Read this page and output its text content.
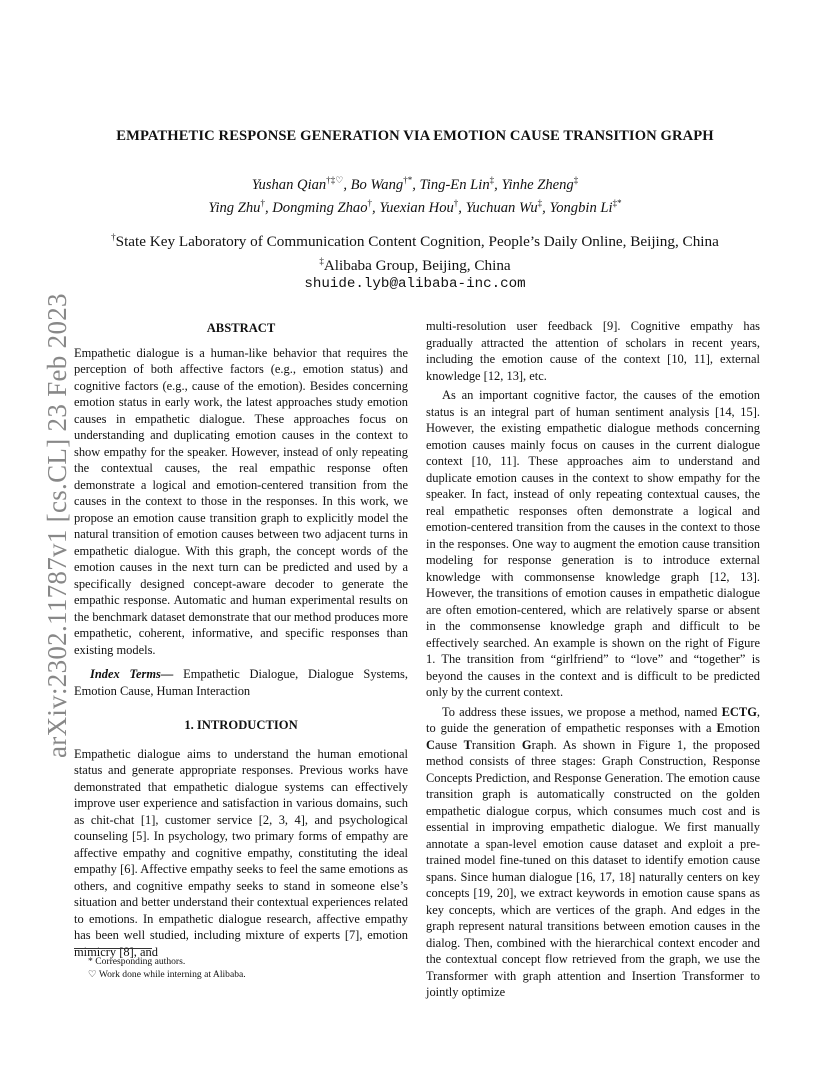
arXiv:2302.11787v1 [cs.CL] 23 Feb 2023
EMPATHETIC RESPONSE GENERATION VIA EMOTION CAUSE TRANSITION GRAPH
Yushan Qian†‡♡, Bo Wang†*, Ting-En Lin‡, Yinhe Zheng‡
Ying Zhu†, Dongming Zhao†, Yuexian Hou†, Yuchuan Wu‡, Yongbin Li‡*
†State Key Laboratory of Communication Content Cognition, People’s Daily Online, Beijing, China
‡Alibaba Group, Beijing, China
shuide.lyb@alibaba-inc.com
ABSTRACT

Empathetic dialogue is a human-like behavior that requires the perception of both affective factors (e.g., emotion status) and cognitive factors (e.g., cause of the emotion). Besides concerning emotion status in early work, the latest approaches study emotion causes in empathetic dialogue. These approaches focus on understanding and duplicating emotion causes in the context to show empathy for the speaker. However, instead of only repeating the contextual causes, the real empathic response often demonstrate a logical and emotion-centered transition from the causes in the context to those in the responses. In this work, we propose an emotion cause transition graph to explicitly model the natural transition of emotion causes between two adjacent turns in empathetic dialogue. With this graph, the concept words of the emotion causes in the next turn can be predicted and used by a specifically designed concept-aware decoder to generate the empathic response. Automatic and human experimental results on the benchmark dataset demonstrate that our method produces more empathetic, coherent, informative, and specific responses than existing models.

Index Terms— Empathetic Dialogue, Dialogue Systems, Emotion Cause, Human Interaction

1. INTRODUCTION

Empathetic dialogue aims to understand the human emotional status and generate appropriate responses. Previous works have demonstrated that empathetic dialogue systems can effectively improve user experience and satisfaction in various domains, such as chit-chat [1], customer service [2, 3, 4], and psychological counseling [5]. In psychology, two primary forms of empathy are affective empathy and cognitive empathy, constituting the ideal empathy [6]. Affective empathy seeks to feel the same emotions as others, and cognitive empathy seeks to stand in someone else’s situation and better understand their contextual experiences related to emotions. In empathetic dialogue research, affective empathy has been well studied, including mixture of experts [7], emotion mimicry [8], and

multi-resolution user feedback [9]. Cognitive empathy has gradually attracted the attention of scholars in recent years, including the emotion cause of the context [10, 11], external knowledge [12, 13], etc.

As an important cognitive factor, the causes of the emotion status is an integral part of human sentiment analysis [14, 15]. However, the existing empathetic dialogue methods concerning emotion causes mainly focus on causes in the current dialogue context [10, 11]. These approaches aim to understand and duplicate emotion causes in the context to show empathy for the speaker. In fact, instead of only repeating contextual causes, the real empathetic responses often demonstrate a logical and emotion-centered transition from the causes in the context to those in the responses. One way to augment the emotion cause transition modeling for response generation is to introduce external knowledge with commonsense knowledge graph [12, 13]. However, the transitions of emotion causes in empathetic dialogue are often emotion-centered, which are relatively sparse or absent in the commonsense knowledge graph and difficult to be effectively searched. An example is shown on the right of Figure 1. The transition from “girlfriend” to “love” and “together” is beyond the causes in the context and is difficult to be predicted only by the current context.

To address these issues, we propose a method, named ECTG, to guide the generation of empathetic responses with a Emotion Cause Transition Graph. As shown in Figure 1, the proposed method consists of three stages: Graph Construction, Response Concepts Prediction, and Response Generation. The emotion cause transition graph is automatically constructed on the golden empathetic dialogue corpus, which consumes much cost and is essential in improving empathetic dialogue. We first manually annotate a span-level emotion cause dataset and exploit a pre-trained model fine-tuned on this dataset to identify emotion cause spans. Since human dialogue [16, 17, 18] naturally centers on key concepts [19, 20], we extract keywords in emotion cause spans as key concepts, which are vertices of the graph. And edges in the graph represent natural transitions between emotion causes in the dialog. Then, combined with the hierarchical context encoder and the contextual concept flow retrieved from the graph, we use the Transformer with graph attention and Insertion Transformer to jointly optimize

* Corresponding authors.
♡ Work done while interning at Alibaba.
